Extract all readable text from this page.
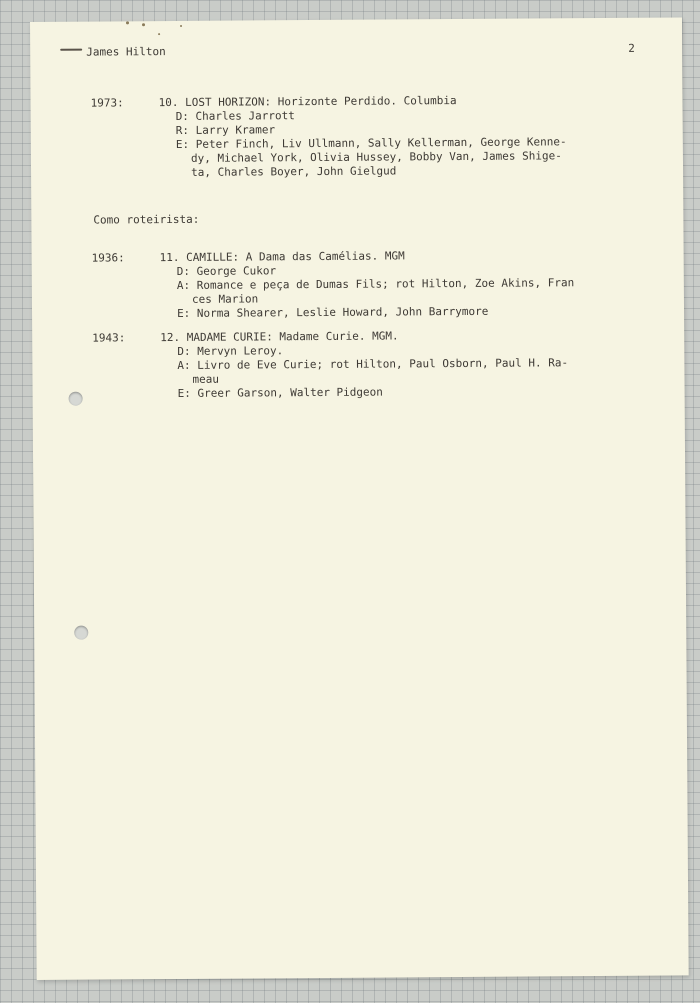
James Hilton	2
1973:	10. LOST HORIZON: Horizonte Perdido. Columbia
D: Charles Jarrott
R: Larry Kramer
E: Peter Finch, Liv Ullmann, Sally Kellerman, George Kenne-
dy, Michael York, Olivia Hussey, Bobby Van, James Shige-
ta, Charles Boyer, John Gielgud
Como roteirista:
1936:	11. CAMILLE: A Dama das Camélias. MGM
D: George Cukor
A: Romance e peça de Dumas Fils; rot Hilton, Zoe Akins, Fran
ces Marion
E: Norma Shearer, Leslie Howard, John Barrymore
1943:	12. MADAME CURIE: Madame Curie. MGM.
D: Mervyn Leroy.
A: Livro de Eve Curie; rot Hilton, Paul Osborn, Paul H. Ra-
meau
E: Greer Garson, Walter Pidgeon
